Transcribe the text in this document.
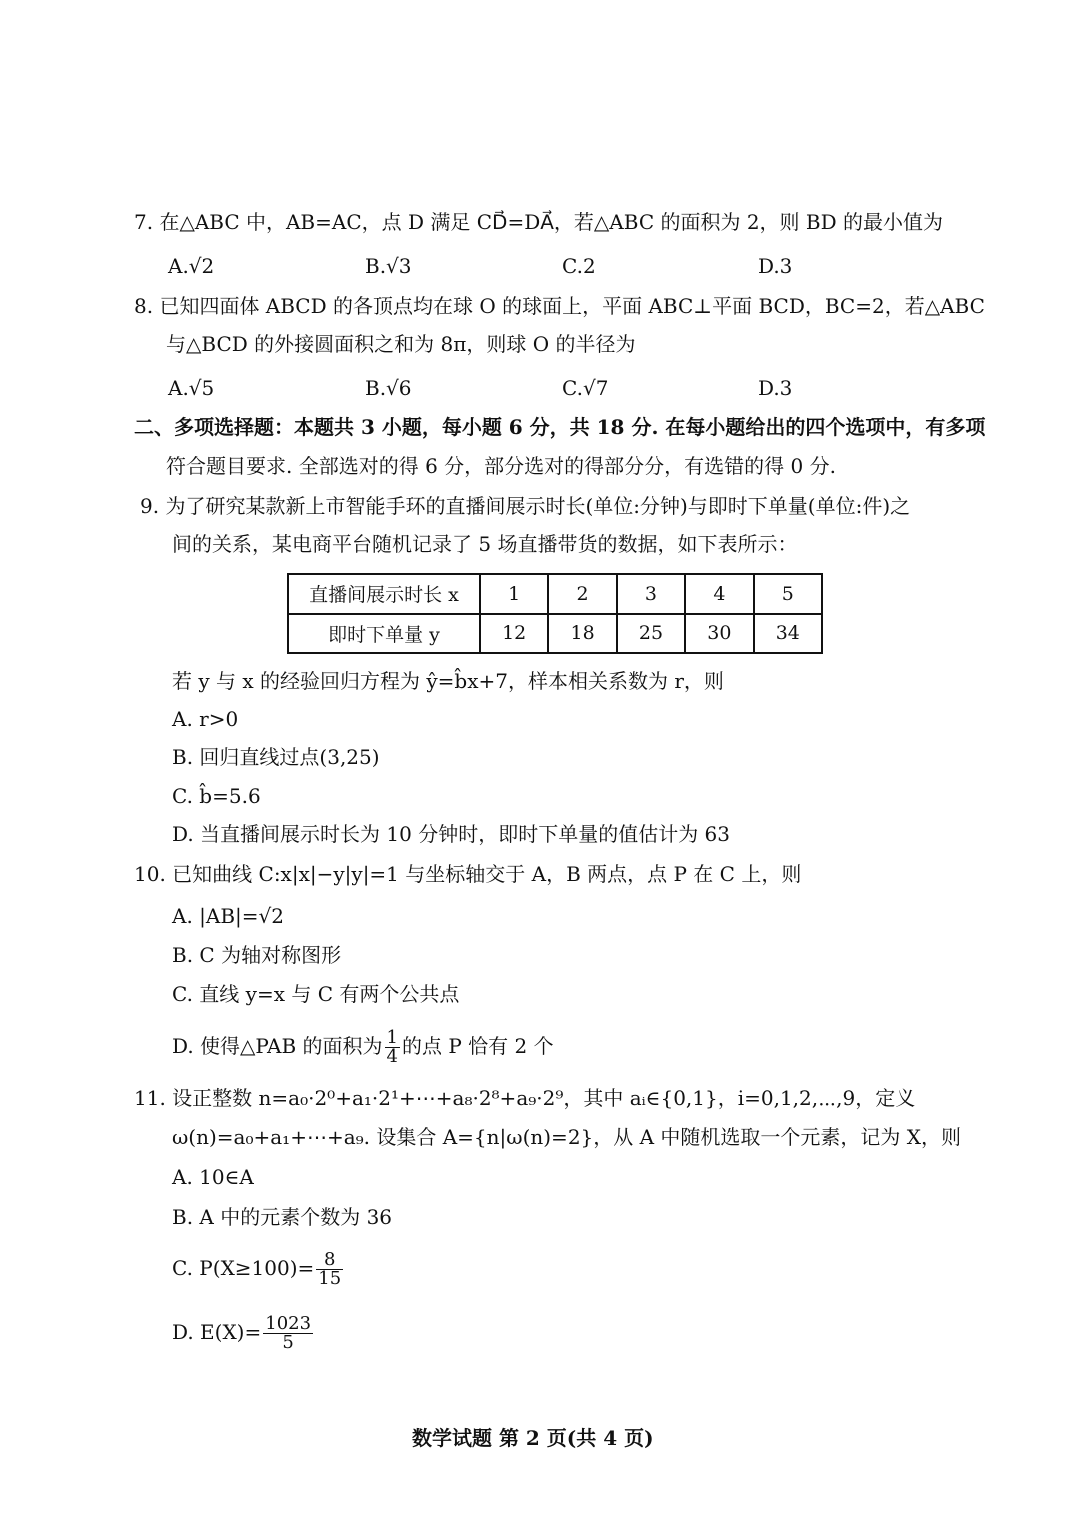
7. 在△ABC 中，AB=AC，点 D 满足 CD⃗=DA⃗，若△ABC 的面积为 2，则 BD 的最小值为
A.√2	B.√3	C.2	D.3
8. 已知四面体 ABCD 的各顶点均在球 O 的球面上，平面 ABC⊥平面 BCD，BC=2，若△ABC
与△BCD 的外接圆面积之和为 8π，则球 O 的半径为
A.√5	B.√6	C.√7	D.3
二、多项选择题：本题共 3 小题，每小题 6 分，共 18 分. 在每小题给出的四个选项中，有多项
符合题目要求. 全部选对的得 6 分，部分选对的得部分分，有选错的得 0 分.
9. 为了研究某款新上市智能手环的直播间展示时长(单位:分钟)与即时下单量(单位:件)之
间的关系，某电商平台随机记录了 5 场直播带货的数据，如下表所示：
直播间展示时长 x	1	2	3	4	5
即时下单量 y	12	18	25	30	34
若 y 与 x 的经验回归方程为 ŷ=b̂x+7，样本相关系数为 r，则
A. r>0
B. 回归直线过点(3,25)
C. b̂=5.6
D. 当直播间展示时长为 10 分钟时，即时下单量的值估计为 63
10. 已知曲线 C:x|x|−y|y|=1 与坐标轴交于 A，B 两点，点 P 在 C 上，则
A. |AB|=√2
B. C 为轴对称图形
C. 直线 y=x 与 C 有两个公共点
D. 使得△PAB 的面积为 $\frac{1}{4}$ 的点 P 恰有 2 个
11. 设正整数 n=a₀·2⁰+a₁·2¹+⋯+a₈·2⁸+a₉·2⁹，其中 aᵢ∈{0,1}，i=0,1,2,⋯,9，定义
ω(n)=a₀+a₁+⋯+a₉. 设集合 A={n|ω(n)=2}，从 A 中随机选取一个元素，记为 X，则
A. 10∈A
B. A 中的元素个数为 36
C. $P(X\ge 100)= \frac{8}{15}$
D. $E(X)= \frac{1023}{5}$
数学试题 第 2 页(共 4 页)
